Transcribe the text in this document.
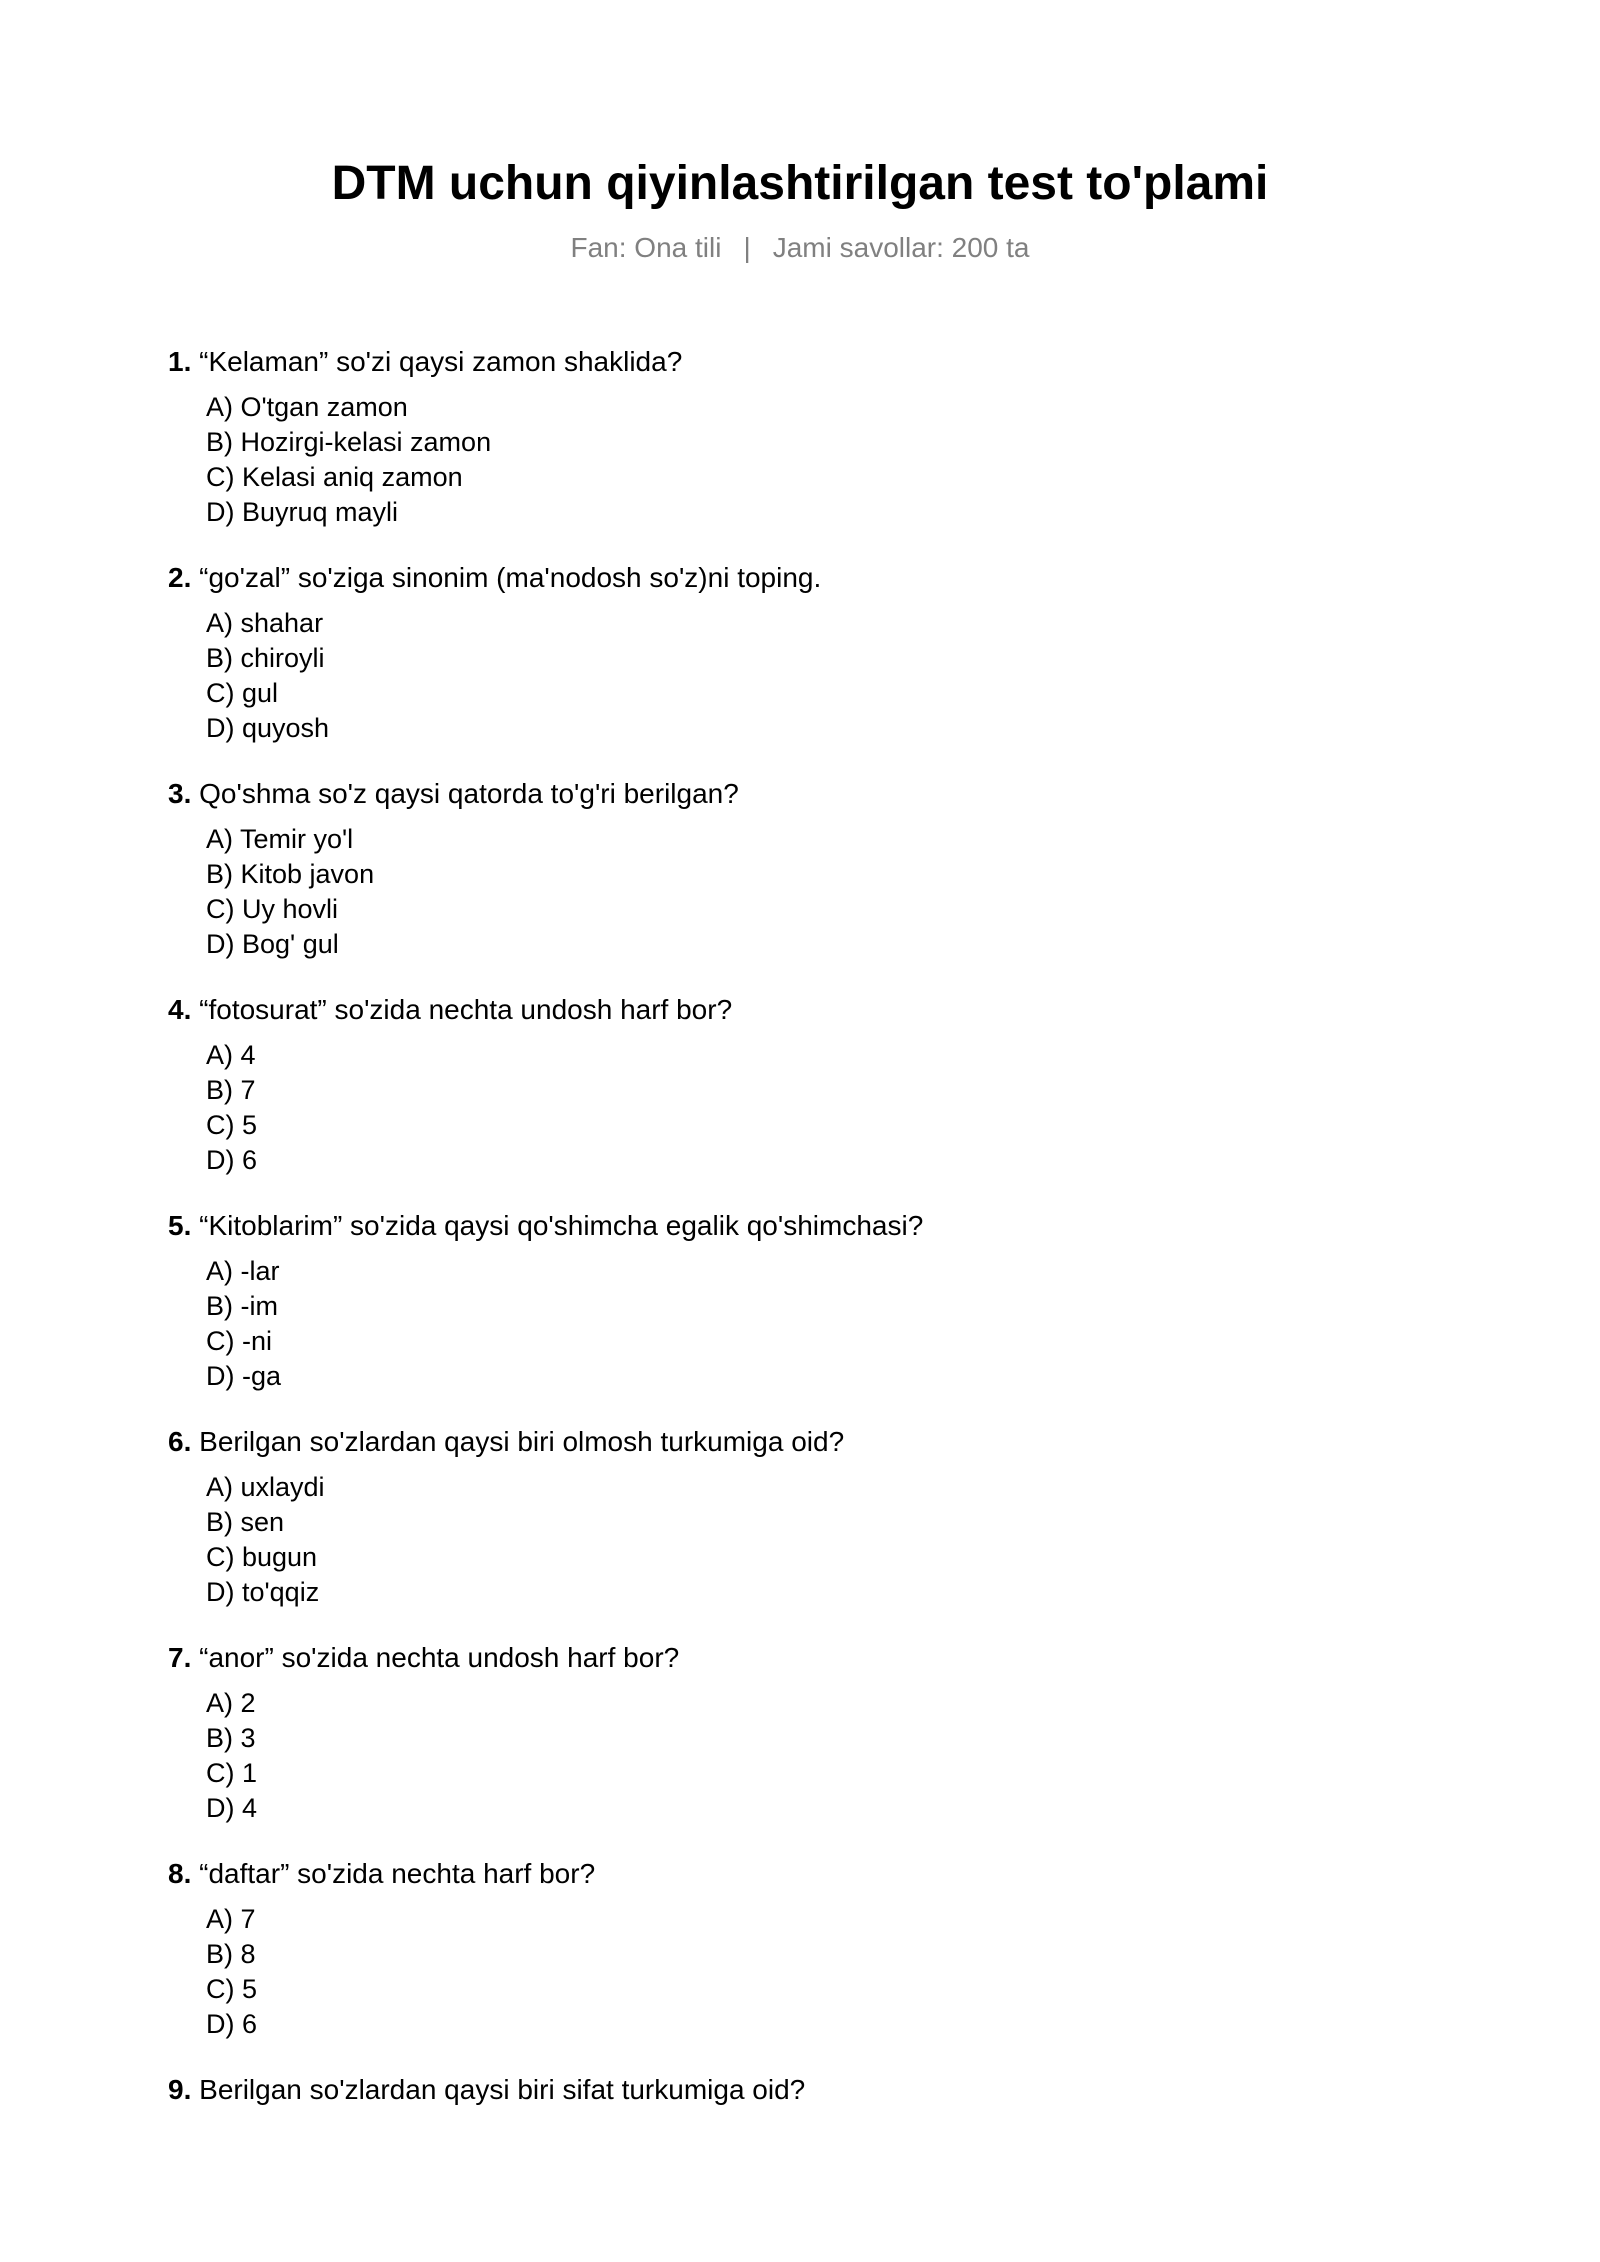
DTM uchun qiyinlashtirilgan test to'plami
Fan: Ona tili | Jami savollar: 200 ta
1. “Kelaman” so'zi qaysi zamon shaklida?
A) O'tgan zamon
B) Hozirgi-kelasi zamon
C) Kelasi aniq zamon
D) Buyruq mayli
2. “go'zal” so'ziga sinonim (ma'nodosh so'z)ni toping.
A) shahar
B) chiroyli
C) gul
D) quyosh
3. Qo'shma so'z qaysi qatorda to'g'ri berilgan?
A) Temir yo'l
B) Kitob javon
C) Uy hovli
D) Bog' gul
4. “fotosurat” so'zida nechta undosh harf bor?
A) 4
B) 7
C) 5
D) 6
5. “Kitoblarim” so'zida qaysi qo'shimcha egalik qo'shimchasi?
A) -lar
B) -im
C) -ni
D) -ga
6. Berilgan so'zlardan qaysi biri olmosh turkumiga oid?
A) uxlaydi
B) sen
C) bugun
D) to'qqiz
7. “anor” so'zida nechta undosh harf bor?
A) 2
B) 3
C) 1
D) 4
8. “daftar” so'zida nechta harf bor?
A) 7
B) 8
C) 5
D) 6
9. Berilgan so'zlardan qaysi biri sifat turkumiga oid?
